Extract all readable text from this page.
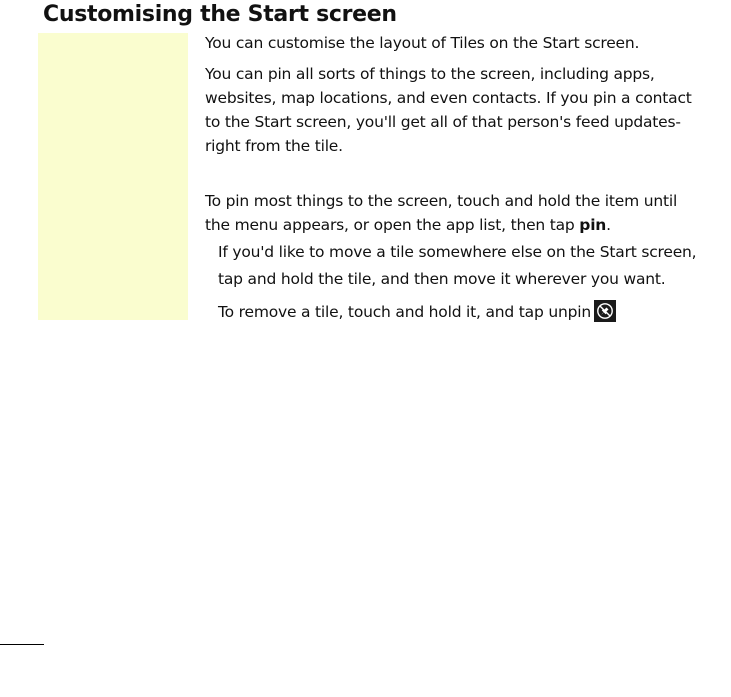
Customising the Start screen

You can customise the layout of Tiles on the Start screen.

You can pin all sorts of things to the screen, including apps, websites, map locations, and even contacts. If you pin a contact to the Start screen, you'll get all of that person's feed updates-right from the tile.

To pin most things to the screen, touch and hold the item until the menu appears, or open the app list, then tap pin.

If you'd like to move a tile somewhere else on the Start screen, tap and hold the tile, and then move it wherever you want.

To remove a tile, touch and hold it, and tap unpin
